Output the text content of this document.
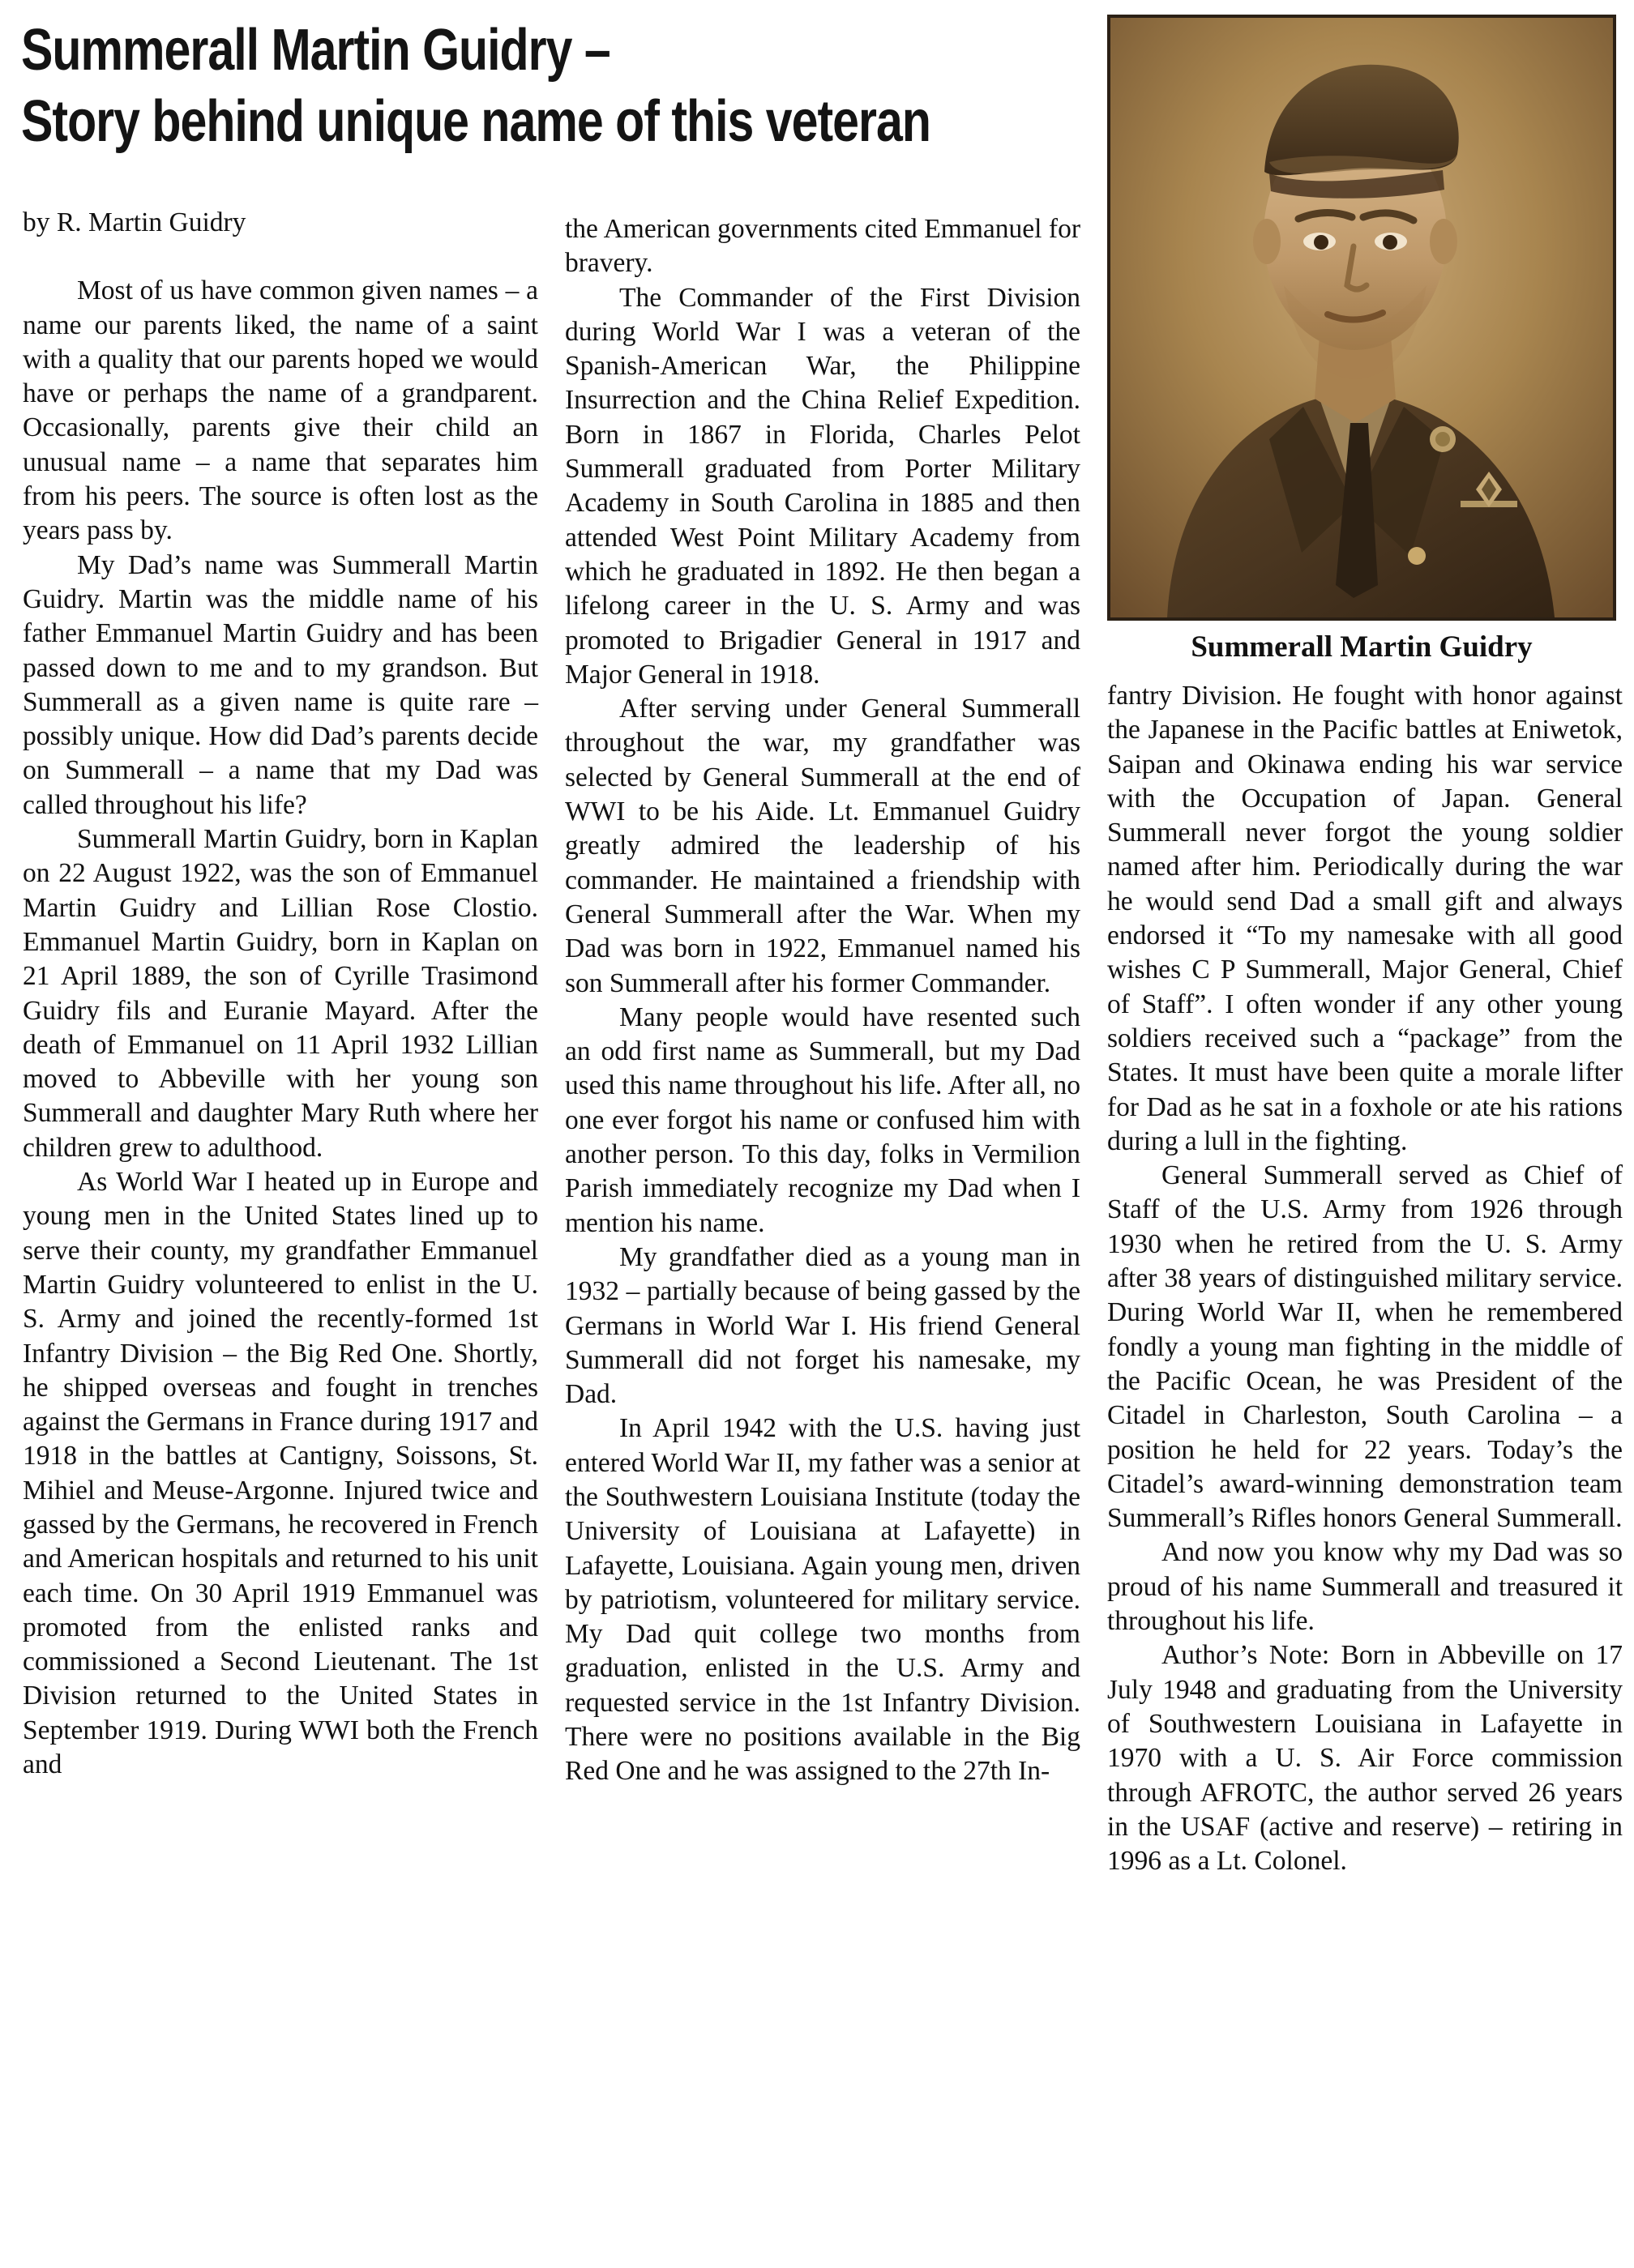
Summerall Martin Guidry –
Story behind unique name of this veteran
Summerall Martin Guidry

by R. Martin Guidry

Most of us have common given names – a name our parents liked, the name of a saint with a quality that our parents hoped we would have or perhaps the name of a grandparent. Occasionally, parents give their child an unusual name – a name that separates him from his peers. The source is often lost as the years pass by.

My Dad’s name was Summerall Martin Guidry. Martin was the middle name of his father Emmanuel Martin Guidry and has been passed down to me and to my grandson. But Summerall as a given name is quite rare – possibly unique. How did Dad’s parents decide on Summerall – a name that my Dad was called throughout his life?

Summerall Martin Guidry, born in Kaplan on 22 August 1922, was the son of Emmanuel Martin Guidry and Lillian Rose Clostio. Emmanuel Martin Guidry, born in Kaplan on 21 April 1889, the son of Cyrille Trasimond Guidry fils and Euranie Mayard. After the death of Emmanuel on 11 April 1932 Lillian moved to Abbeville with her young son Summerall and daughter Mary Ruth where her children grew to adulthood.

As World War I heated up in Europe and young men in the United States lined up to serve their county, my grandfather Emmanuel Martin Guidry volunteered to enlist in the U. S. Army and joined the recently-formed 1st Infantry Division – the Big Red One. Shortly, he shipped overseas and fought in trenches against the Germans in France during 1917 and 1918 in the battles at Cantigny, Soissons, St. Mihiel and Meuse-Argonne. Injured twice and gassed by the Germans, he recovered in French and American hospitals and returned to his unit each time. On 30 April 1919 Emmanuel was promoted from the enlisted ranks and commissioned a Second Lieutenant. The 1st Division returned to the United States in September 1919. During WWI both the French and

the American governments cited Emmanuel for bravery.

The Commander of the First Division during World War I was a veteran of the Spanish-American War, the Philippine Insurrection and the China Relief Expedition. Born in 1867 in Florida, Charles Pelot Summerall graduated from Porter Military Academy in South Carolina in 1885 and then attended West Point Military Academy from which he graduated in 1892. He then began a lifelong career in the U. S. Army and was promoted to Brigadier General in 1917 and Major General in 1918.

After serving under General Summerall throughout the war, my grandfather was selected by General Summerall at the end of WWI to be his Aide. Lt. Emmanuel Guidry greatly admired the leadership of his commander. He maintained a friendship with General Summerall after the War. When my Dad was born in 1922, Emmanuel named his son Summerall after his former Commander.

Many people would have resented such an odd first name as Summerall, but my Dad used this name throughout his life. After all, no one ever forgot his name or confused him with another person. To this day, folks in Vermilion Parish immediately recognize my Dad when I mention his name.

My grandfather died as a young man in 1932 – partially because of being gassed by the Germans in World War I. His friend General Summerall did not forget his namesake, my Dad.

In April 1942 with the U.S. having just entered World War II, my father was a senior at the Southwestern Louisiana Institute (today the University of Louisiana at Lafayette) in Lafayette, Louisiana. Again young men, driven by patriotism, volunteered for military service. My Dad quit college two months from graduation, enlisted in the U.S. Army and requested service in the 1st Infantry Division. There were no positions available in the Big Red One and he was assigned to the 27th In-

fantry Division. He fought with honor against the Japanese in the Pacific battles at Eniwetok, Saipan and Okinawa ending his war service with the Occupation of Japan. General Summerall never forgot the young soldier named after him. Periodically during the war he would send Dad a small gift and always endorsed it “To my namesake with all good wishes C P Summerall, Major General, Chief of Staff”. I often wonder if any other young soldiers received such a “package” from the States. It must have been quite a morale lifter for Dad as he sat in a foxhole or ate his rations during a lull in the fighting.

General Summerall served as Chief of Staff of the U.S. Army from 1926 through 1930 when he retired from the U. S. Army after 38 years of distinguished military service. During World War II, when he remembered fondly a young man fighting in the middle of the Pacific Ocean, he was President of the Citadel in Charleston, South Carolina – a position he held for 22 years. Today’s the Citadel’s award-winning demonstration team Summerall’s Rifles honors General Summerall.

And now you know why my Dad was so proud of his name Summerall and treasured it throughout his life.

Author’s Note: Born in Abbeville on 17 July 1948 and graduating from the University of Southwestern Louisiana in Lafayette in 1970 with a U. S. Air Force commission through AFROTC, the author served 26 years in the USAF (active and reserve) – retiring in 1996 as a Lt. Colonel.
